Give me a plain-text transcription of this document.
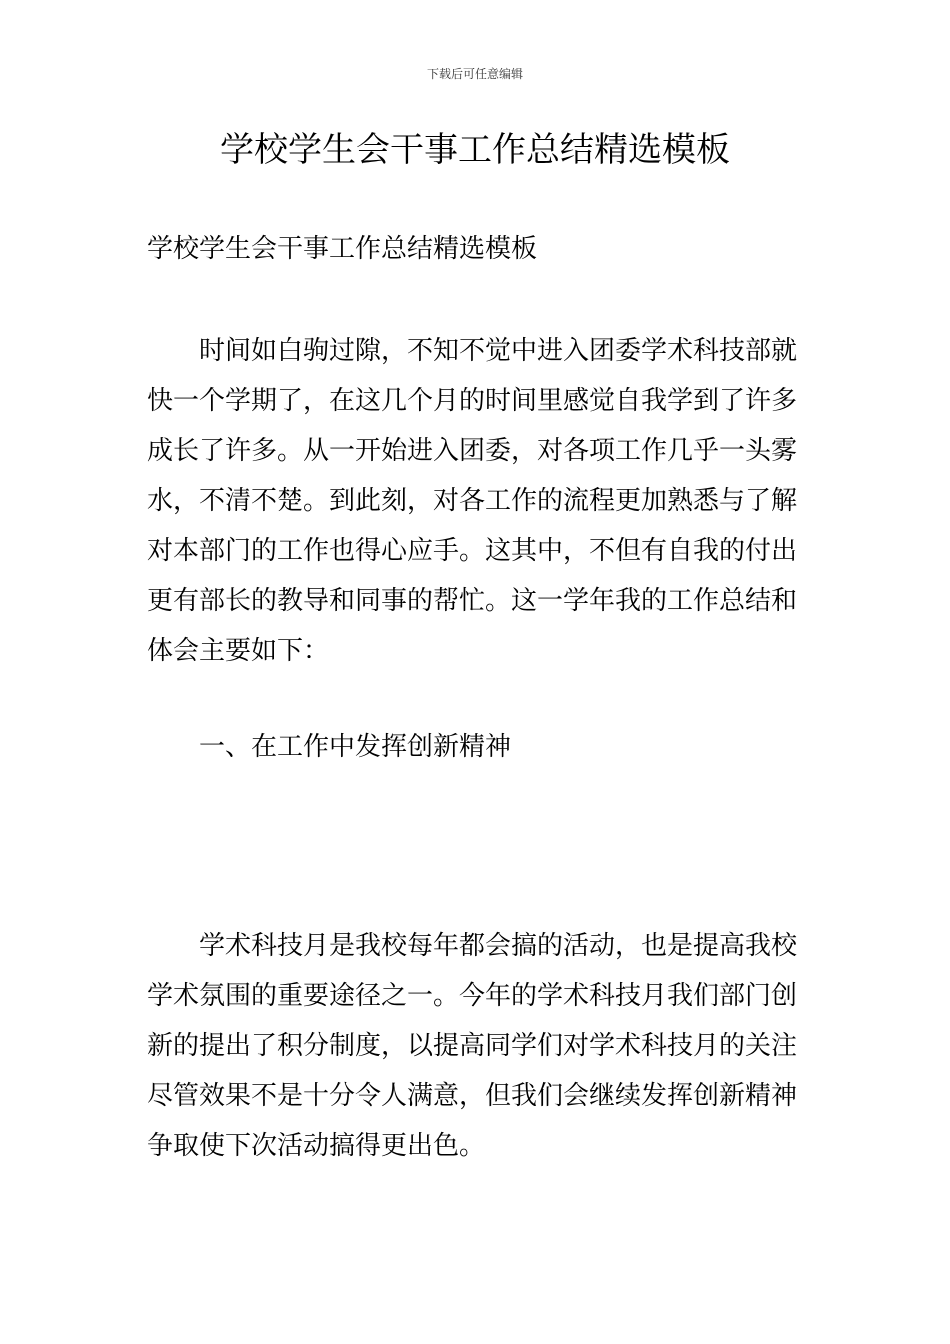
下载后可任意编辑
学校学生会干事工作总结精选模板
学校学生会干事工作总结精选模板
时间如白驹过隙，不知不觉中进入团委学术科技部就
快一个学期了，在这几个月的时间里感觉自我学到了许多
成长了许多。从一开始进入团委，对各项工作几乎一头雾
水，不清不楚。到此刻，对各工作的流程更加熟悉与了解
对本部门的工作也得心应手。这其中，不但有自我的付出
更有部长的教导和同事的帮忙。这一学年我的工作总结和
体会主要如下：
一、在工作中发挥创新精神
学术科技月是我校每年都会搞的活动，也是提高我校
学术氛围的重要途径之一。今年的学术科技月我们部门创
新的提出了积分制度，以提高同学们对学术科技月的关注
尽管效果不是十分令人满意，但我们会继续发挥创新精神
争取使下次活动搞得更出色。
